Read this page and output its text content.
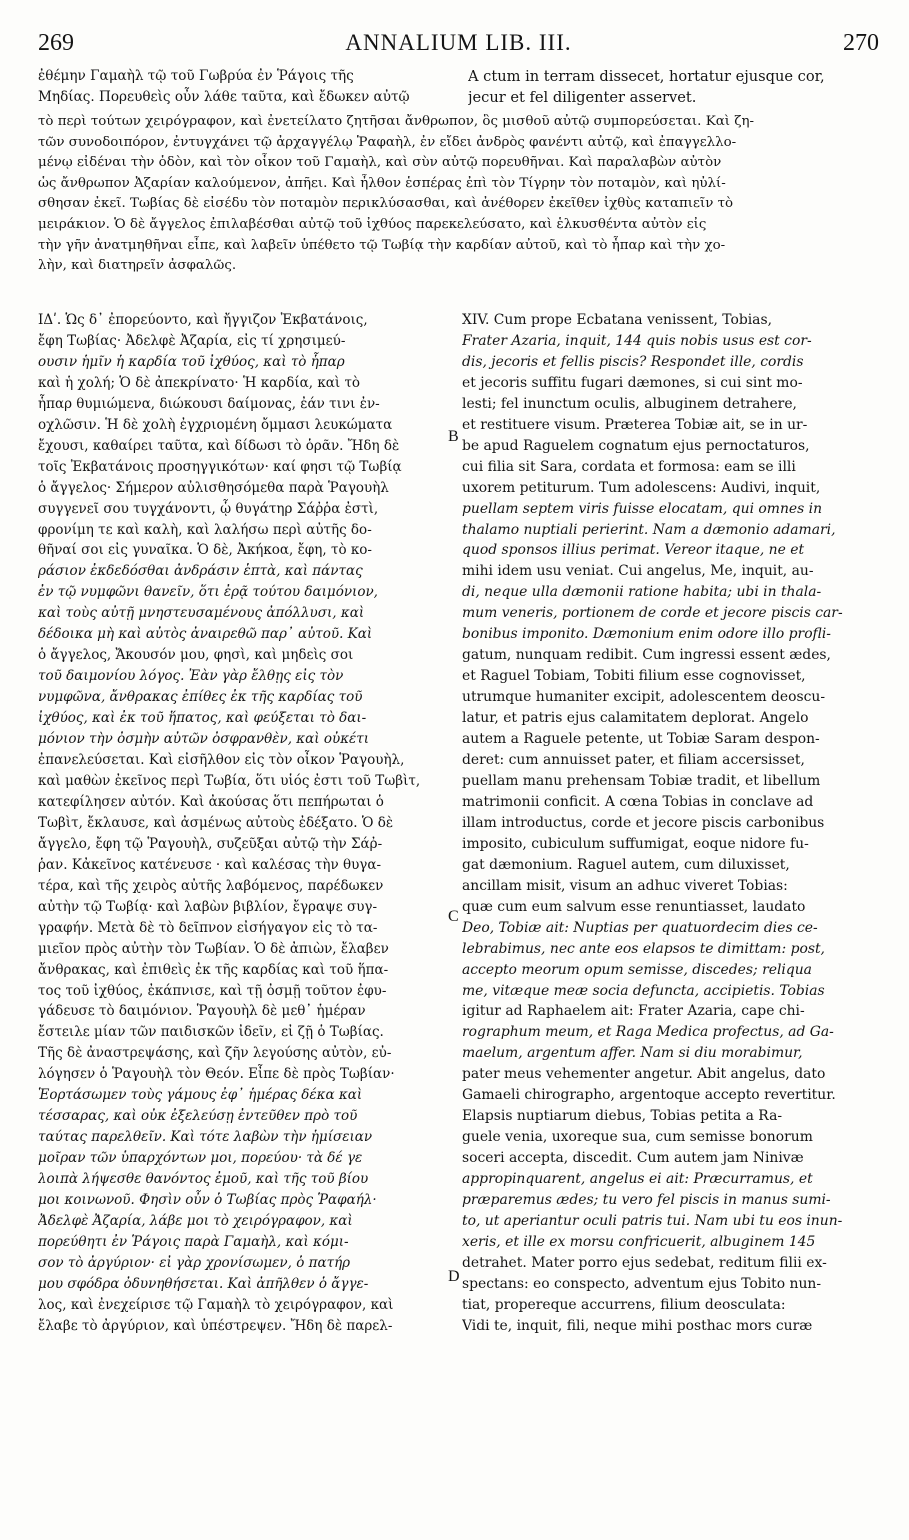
269	ANNALIUM LIB. III.	270
ἐθέμην Γαμαὴλ τῷ τοῦ Γωβρύα ἐν Ῥάγοις τῆς
Μηδίας. Πορευθεὶς οὖν λάθε ταῦτα, καὶ ἔδωκεν αὐτῷ
A ctum in terram dissecet, hortatur ejusque cor,
jecur et fel diligenter asservet.
τὸ περὶ τούτων χειρόγραφον, καὶ ἐνετείλατο ζητῆσαι ἄνθρωπον, ὃς μισθοῦ αὐτῷ συμπορεύσεται. Καὶ ζη-
τῶν συνοδοιπόρον, ἐντυγχάνει τῷ ἀρχαγγέλῳ Ῥαφαὴλ, ἐν εἴδει ἀνδρὸς φανέντι αὐτῷ, καὶ ἐπαγγελλο-
μένῳ εἰδέναι τὴν ὁδὸν, καὶ τὸν οἶκον τοῦ Γαμαὴλ, καὶ σὺν αὐτῷ πορευθῆναι. Καὶ παραλαβὼν αὐτὸν
ὡς ἄνθρωπον Ἀζαρίαν καλούμενον, ἀπῆει. Καὶ ἦλθον ἑσπέρας ἐπὶ τὸν Τίγρην τὸν ποταμὸν, καὶ ηὐλί-
σθησαν ἐκεῖ. Τωβίας δὲ εἰσέδυ τὸν ποταμὸν περικλύσασθαι, καὶ ἀνέθορεν ἐκεῖθεν ἰχθὺς καταπιεῖν τὸ
μειράκιον. Ὁ δὲ ἄγγελος ἐπιλαβέσθαι αὐτῷ τοῦ ἰχθύος παρεκελεύσατο, καὶ ἑλκυσθέντα αὐτὸν εἰς
τὴν γῆν ἀνατμηθῆναι εἶπε, καὶ λαβεῖν ὑπέθετο τῷ Τωβίᾳ τὴν καρδίαν αὐτοῦ, καὶ τὸ ἧπαρ καὶ τὴν χο-
λὴν, καὶ διατηρεῖν ἀσφαλῶς.
ΙΔʹ. Ὡς δ᾽ ἐπορεύοντο, καὶ ἤγγιζον Ἐκβατάνοις,
ἔφη Τωβίας· Ἀδελφὲ Ἀζαρία, εἰς τί χρησιμεύ-
ουσιν ἡμῖν ἡ καρδία τοῦ ἰχθύος, καὶ τὸ ἧπαρ
καὶ ἡ χολή; Ὁ δὲ ἀπεκρίνατο· Ἡ καρδία, καὶ τὸ
ἧπαρ θυμιώμενα, διώκουσι δαίμονας, ἐάν τινι ἐν-
οχλῶσιν. Ἡ δὲ χολὴ ἐγχριομένη ὄμμασι λευκώματα
ἔχουσι, καθαίρει ταῦτα, καὶ δίδωσι τὸ ὁρᾶν. Ἤδη δὲ
τοῖς Ἐκβατάνοις προσηγγικότων· καί φησι τῷ Τωβίᾳ
ὁ ἄγγελος· Σήμερον αὐλισθησόμεθα παρὰ Ῥαγουὴλ
συγγενεῖ σου τυγχάνοντι, ᾧ θυγάτηρ Σάῤῥα ἐστὶ,
φρονίμη τε καὶ καλὴ, καὶ λαλήσω περὶ αὐτῆς δο-
θῆναί σοι εἰς γυναῖκα. Ὁ δὲ, Ἀκήκοα, ἔφη, τὸ κο-
ράσιον ἐκδεδόσθαι ἀνδράσιν ἑπτὰ, καὶ πάντας
ἐν τῷ νυμφῶνι θανεῖν, ὅτι ἐρᾷ τούτου δαιμόνιον,
καὶ τοὺς αὐτῇ μνηστευσαμένους ἀπόλλυσι, καὶ
δέδοικα μὴ καὶ αὐτὸς ἀναιρεθῶ παρ᾽ αὐτοῦ. Καὶ
ὁ ἄγγελος, Ἄκουσόν μου, φησὶ, καὶ μηδεὶς σοι
τοῦ δαιμονίου λόγος. Ἐὰν γὰρ ἔλθῃς εἰς τὸν
νυμφῶνα, ἄνθρακας ἐπίθες ἐκ τῆς καρδίας τοῦ
ἰχθύος, καὶ ἐκ τοῦ ἥπατος, καὶ φεύξεται τὸ δαι-
μόνιον τὴν ὀσμὴν αὐτῶν ὀσφρανθὲν, καὶ οὐκέτι
ἐπανελεύσεται. Καὶ εἰσῆλθον εἰς τὸν οἶκον Ῥαγουὴλ,
καὶ μαθὼν ἐκεῖνος περὶ Τωβία, ὅτι υἱός ἐστι τοῦ Τωβὶτ,
κατεφίλησεν αὐτόν. Καὶ ἀκούσας ὅτι πεπήρωται ὁ
Τωβὶτ, ἔκλαυσε, καὶ ἀσμένως αὐτοὺς ἐδέξατο. Ὁ δὲ
ἄγγελο, ἔφη τῷ Ῥαγουὴλ, συζεῦξαι αὐτῷ τὴν Σάῤ-
ῥαν. Κἀκεῖνος κατένευσε · καὶ καλέσας τὴν θυγα-
τέρα, καὶ τῆς χειρὸς αὐτῆς λαβόμενος, παρέδωκεν
αὐτὴν τῷ Τωβίᾳ· καὶ λαβὼν βιβλίον, ἔγραψε συγ-
γραφήν. Μετὰ δὲ τὸ δεῖπνον εἰσήγαγον εἰς τὸ τα-
μιεῖον πρὸς αὐτὴν τὸν Τωβίαν. Ὁ δὲ ἀπιὼν, ἔλαβεν
ἄνθρακας, καὶ ἐπιθεὶς ἐκ τῆς καρδίας καὶ τοῦ ἥπα-
τος τοῦ ἰχθύος, ἐκάπνισε, καὶ τῇ ὀσμῇ τοῦτον ἐφυ-
γάδευσε τὸ δαιμόνιον. Ῥαγουὴλ δὲ μεθ᾽ ἡμέραν
ἔστειλε μίαν τῶν παιδισκῶν ἰδεῖν, εἰ ζῇ ὁ Τωβίας.
Τῆς δὲ ἀναστρεψάσης, καὶ ζῆν λεγούσης αὐτὸν, εὐ-
λόγησεν ὁ Ῥαγουὴλ τὸν Θεόν. Εἶπε δὲ πρὸς Τωβίαν·
Ἑορτάσωμεν τοὺς γάμους ἐφ᾽ ἡμέρας δέκα καὶ
τέσσαρας, καὶ οὐκ ἐξελεύσῃ ἐντεῦθεν πρὸ τοῦ
ταύτας παρελθεῖν. Καὶ τότε λαβὼν τὴν ἡμίσειαν
μοῖραν τῶν ὑπαρχόντων μοι, πορεύου· τὰ δέ γε
λοιπὰ λήψεσθε θανόντος ἐμοῦ, καὶ τῆς τοῦ βίου
μοι κοινωνοῦ. Φησὶν οὖν ὁ Τωβίας πρὸς Ῥαφαήλ·
Ἀδελφὲ Ἀζαρία, λάβε μοι τὸ χειρόγραφον, καὶ
πορεύθητι ἐν Ῥάγοις παρὰ Γαμαὴλ, καὶ κόμι-
σον τὸ ἀργύριον· εἰ γὰρ χρονίσωμεν, ὁ πατήρ
μου σφόδρα ὀδυνηθήσεται. Καὶ ἀπῆλθεν ὁ ἄγγε-
λος, καὶ ἐνεχείρισε τῷ Γαμαὴλ τὸ χειρόγραφον, καὶ
ἔλαβε τὸ ἀργύριον, καὶ ὑπέστρεψεν. Ἤδη δὲ παρελ-
XIV. Cum prope Ecbatana venissent, Tobias,
Frater Azaria, inquit, 144 quis nobis usus est cor-
dis, jecoris et fellis piscis? Respondet ille, cordis
et jecoris suffitu fugari dæmones, si cui sint mo-
lesti; fel inunctum oculis, albuginem detrahere,
et restituere visum. Præterea Tobiæ ait, se in ur-
be apud Raguelem cognatum ejus pernoctaturos,
cui filia sit Sara, cordata et formosa: eam se illi
uxorem petiturum. Tum adolescens: Audivi, inquit,
puellam septem viris fuisse elocatam, qui omnes in
thalamo nuptiali perierint. Nam a dæmonio adamari,
quod sponsos illius perimat. Vereor itaque, ne et
mihi idem usu veniat. Cui angelus, Me, inquit, au-
di, neque ulla dæmonii ratione habita; ubi in thala-
mum veneris, portionem de corde et jecore piscis car-
bonibus imponito. Dæmonium enim odore illo profli-
gatum, nunquam redibit. Cum ingressi essent ædes,
et Raguel Tobiam, Tobiti filium esse cognovisset,
utrumque humaniter excipit, adolescentem deoscu-
latur, et patris ejus calamitatem deplorat. Angelo
autem a Raguele petente, ut Tobiæ Saram despon-
deret: cum annuisset pater, et filiam accersisset,
puellam manu prehensam Tobiæ tradit, et libellum
matrimonii conficit. A cœna Tobias in conclave ad
illam introductus, corde et jecore piscis carbonibus
imposito, cubiculum suffumigat, eoque nidore fu-
gat dæmonium. Raguel autem, cum diluxisset,
ancillam misit, visum an adhuc viveret Tobias:
quæ cum eum salvum esse renuntiasset, laudato
Deo, Tobiæ ait: Nuptias per quatuordecim dies ce-
lebrabimus, nec ante eos elapsos te dimittam: post,
accepto meorum opum semisse, discedes; reliqua
me, vitæque meæ socia defuncta, accipietis. Tobias
igitur ad Raphaelem ait: Frater Azaria, cape chi-
rographum meum, et Raga Medica profectus, ad Ga-
maelum, argentum affer. Nam si diu morabimur,
pater meus vehementer angetur. Abit angelus, dato
Gamaeli chirographo, argentoque accepto revertitur.
Elapsis nuptiarum diebus, Tobias petita a Ra-
guele venia, uxoreque sua, cum semisse bonorum
soceri accepta, discedit. Cum autem jam Ninivæ
appropinquarent, angelus ei ait: Præcurramus, et
præparemus ædes; tu vero fel piscis in manus sumi-
to, ut aperiantur oculi patris tui. Nam ubi tu eos inun-
xeris, et ille ex morsu confricuerit, albuginem 145
detrahet. Mater porro ejus sedebat, reditum filii ex-
spectans: eo conspecto, adventum ejus Tobito nun-
tiat, propereque accurrens, filium deosculata:
Vidi te, inquit, fili, neque mihi posthac mors curæ
B
C
D
